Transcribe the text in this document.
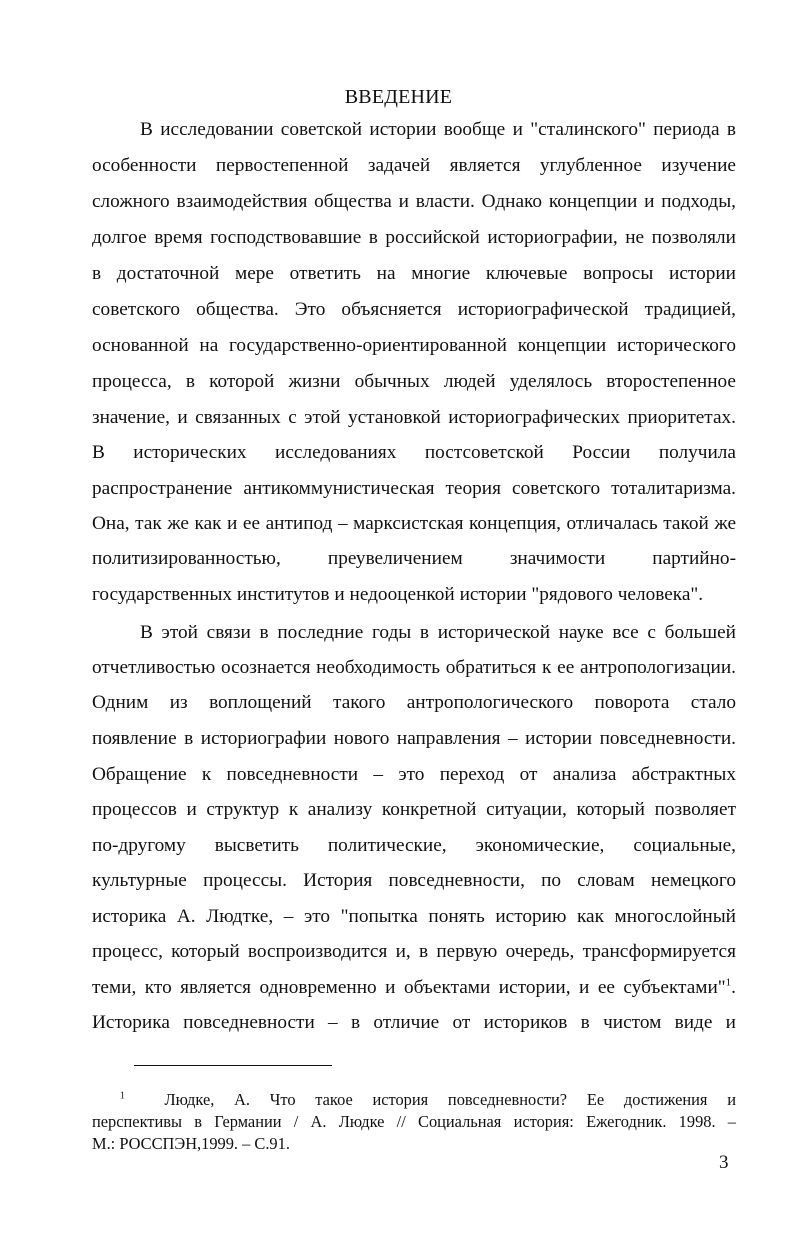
ВВЕДЕНИЕ
В исследовании советской истории вообще и "сталинского" периода в
особенности первостепенной задачей является углубленное изучение
сложного взаимодействия общества и власти. Однако концепции и подходы,
долгое время господствовавшие в российской историографии, не позволяли
в достаточной мере ответить на многие ключевые вопросы истории
советского общества. Это объясняется историографической традицией,
основанной на государственно-ориентированной концепции исторического
процесса, в которой жизни обычных людей уделялось второстепенное
значение, и связанных с этой установкой историографических приоритетах.
В исторических исследованиях постсоветской России получила
распространение антикоммунистическая теория советского тоталитаризма.
Она, так же как и ее антипод – марксистская концепция, отличалась такой же
политизированностью, преувеличением значимости партийно-
государственных институтов и недооценкой истории "рядового человека".
В этой связи в последние годы в исторической науке все с большей
отчетливостью осознается необходимость обратиться к ее антропологизации.
Одним из воплощений такого антропологического поворота стало
появление в историографии нового направления – истории повседневности.
Обращение к повседневности – это переход от анализа абстрактных
процессов и структур к анализу конкретной ситуации, который позволяет
по-другому высветить политические, экономические, социальные,
культурные процессы. История повседневности, по словам немецкого
историка А. Людтке, – это "попытка понять историю как многослойный
процесс, который воспроизводится и, в первую очередь, трансформируется
теми, кто является одновременно и объектами истории, и ее субъектами"$^1$.
Историка повседневности – в отличие от историков в чистом виде и
$^1$ Людке, А. Что такое история повседневности? Ее достижения и
перспективы в Германии / А. Людке // Социальная история: Ежегодник. 1998. –
М.: РОССПЭН,1999. – С.91.
3
